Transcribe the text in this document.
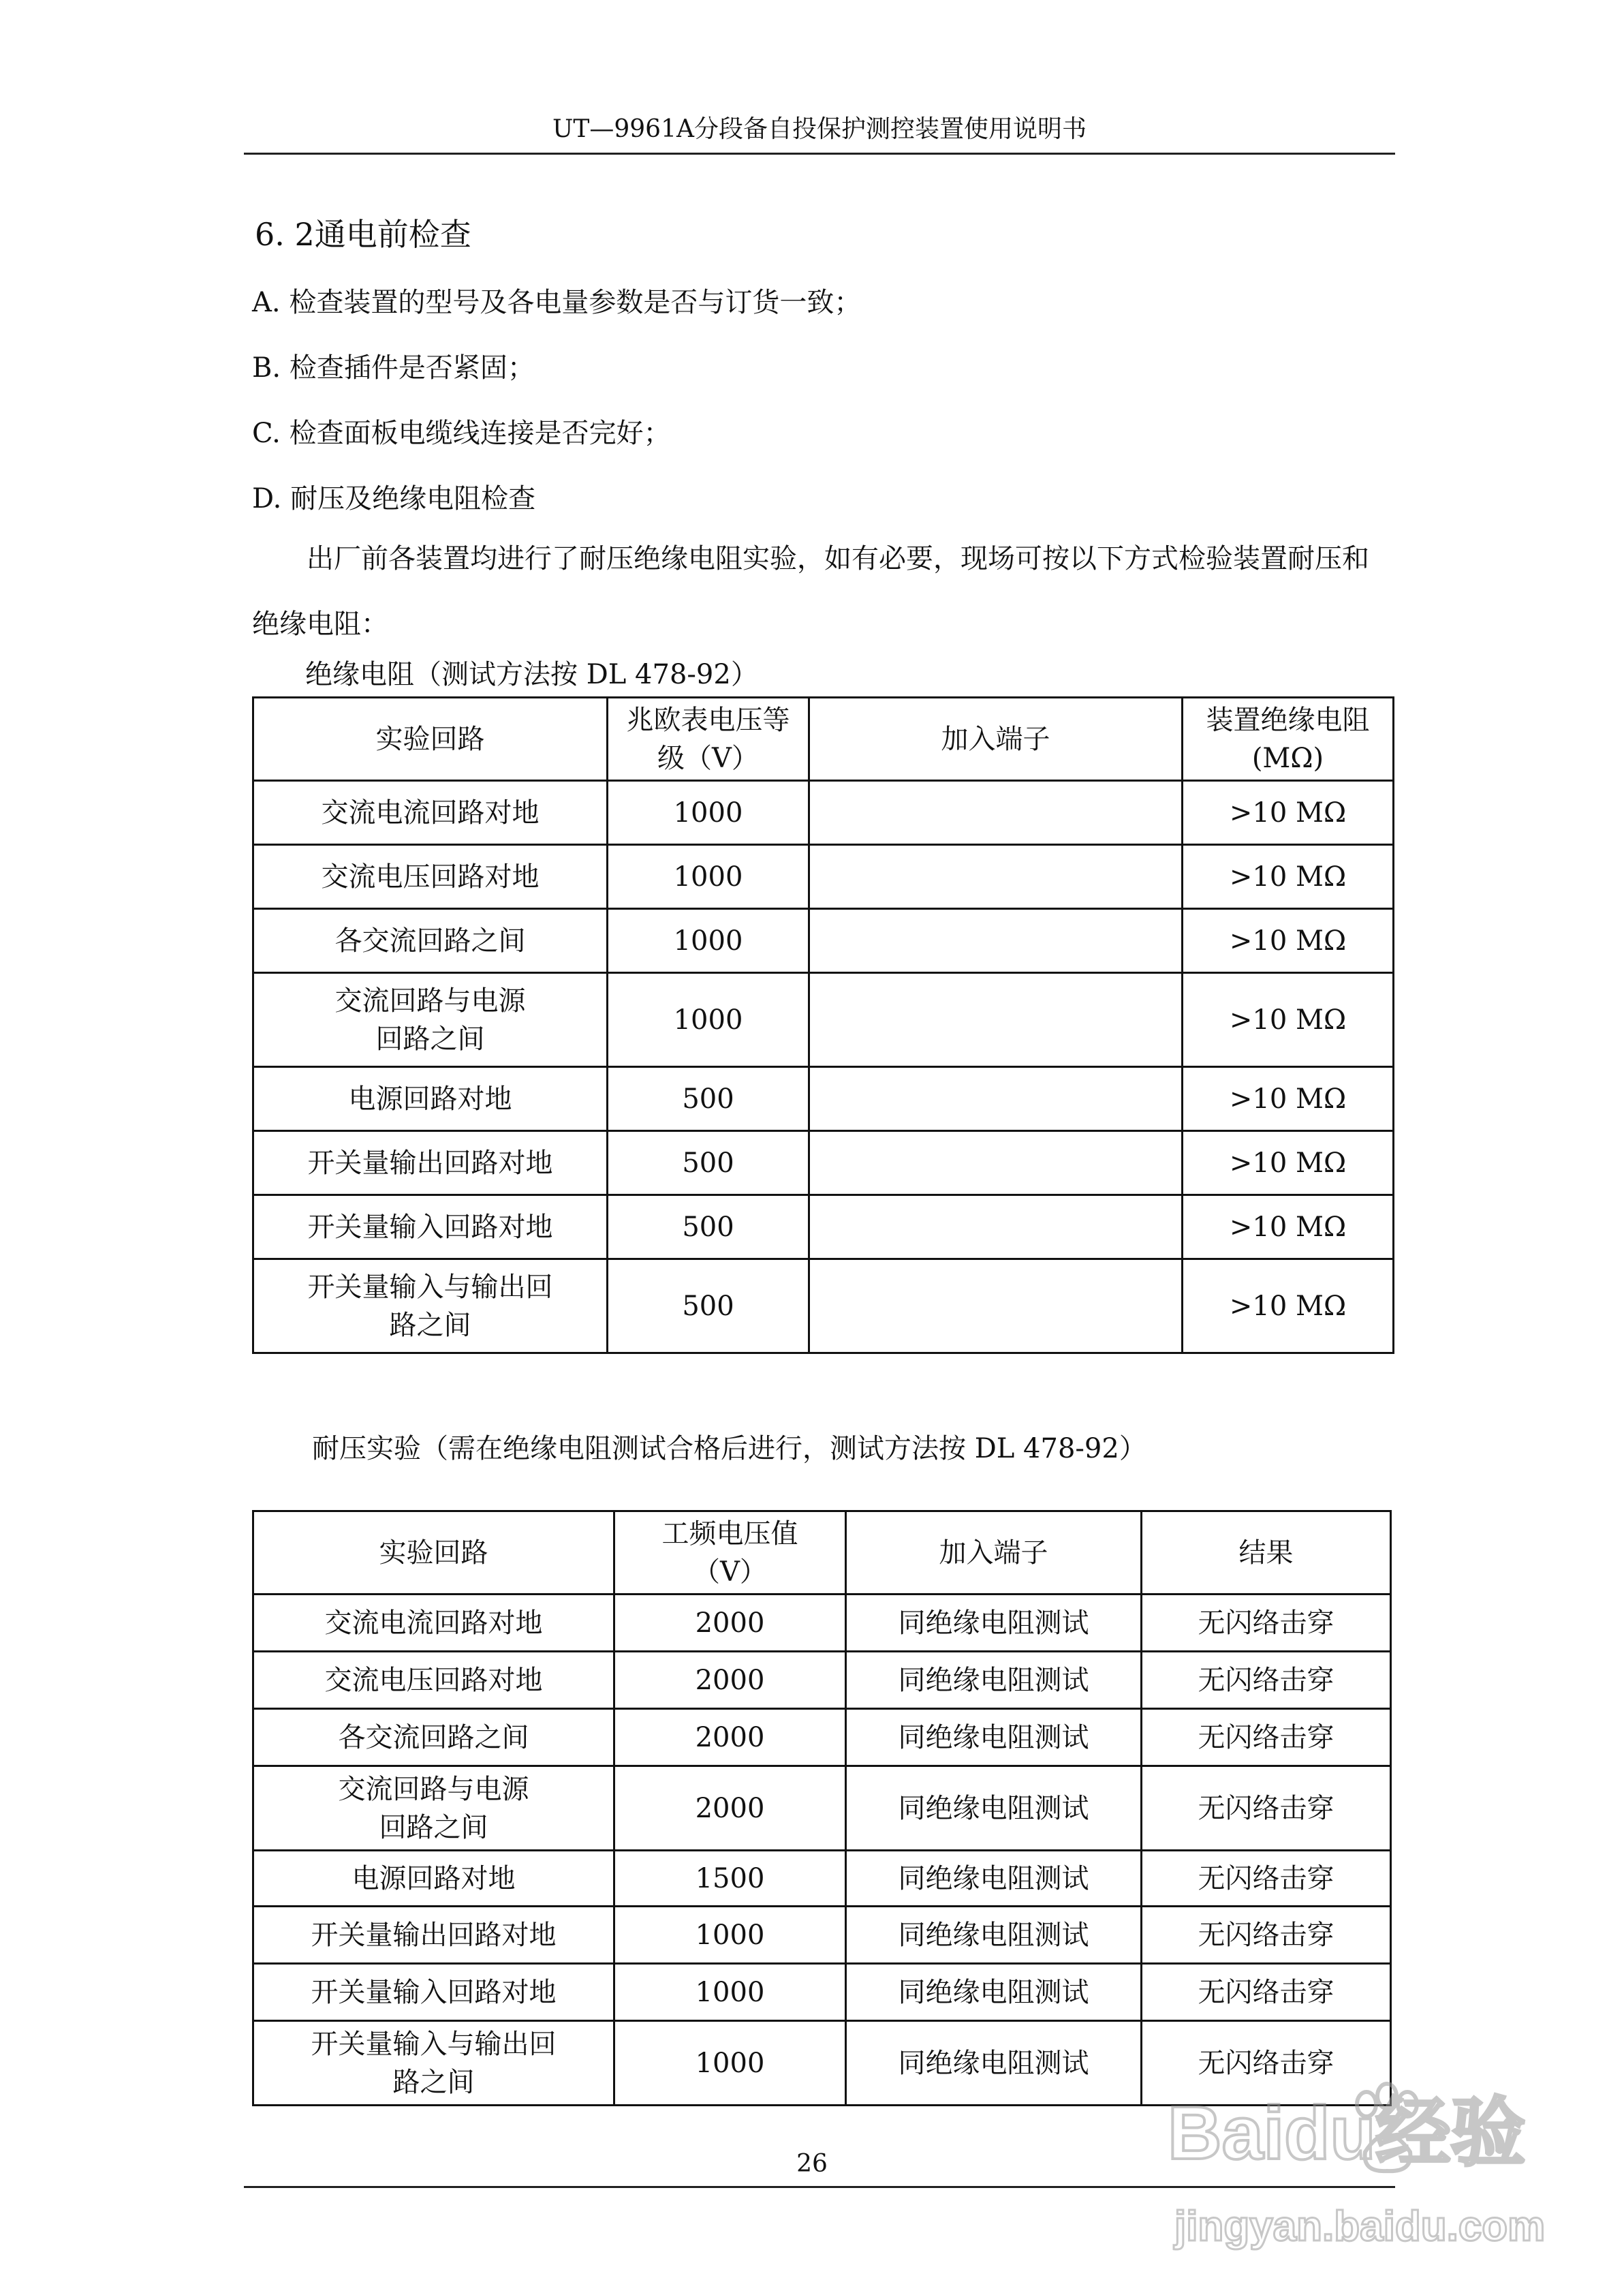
UT—9961A分段备自投保护测控装置使用说明书
6. 2通电前检查
A. 检查装置的型号及各电量参数是否与订货一致；
B. 检查插件是否紧固；
C. 检查面板电缆线连接是否完好；
D. 耐压及绝缘电阻检查
出厂前各装置均进行了耐压绝缘电阻实验，如有必要，现场可按以下方式检验装置耐压和绝缘电阻：
绝缘电阻（测试方法按 DL 478-92）
实验回路	兆欧表电压等级（V）	加入端子	装置绝缘电阻(MΩ)
交流电流回路对地	1000		>10 MΩ
交流电压回路对地	1000		>10 MΩ
各交流回路之间	1000		>10 MΩ
交流回路与电源回路之间	1000		>10 MΩ
电源回路对地	500		>10 MΩ
开关量输出回路对地	500		>10 MΩ
开关量输入回路对地	500		>10 MΩ
开关量输入与输出回路之间	500		>10 MΩ
耐压实验（需在绝缘电阻测试合格后进行，测试方法按 DL 478-92）
实验回路	工频电压值（V）	加入端子	结果
交流电流回路对地	2000	同绝缘电阻测试	无闪络击穿
交流电压回路对地	2000	同绝缘电阻测试	无闪络击穿
各交流回路之间	2000	同绝缘电阻测试	无闪络击穿
交流回路与电源回路之间	2000	同绝缘电阻测试	无闪络击穿
电源回路对地	1500	同绝缘电阻测试	无闪络击穿
开关量输出回路对地	1000	同绝缘电阻测试	无闪络击穿
开关量输入回路对地	1000	同绝缘电阻测试	无闪络击穿
开关量输入与输出回路之间	1000	同绝缘电阻测试	无闪络击穿
26	Baidu经验
jingyan.baidu.com
